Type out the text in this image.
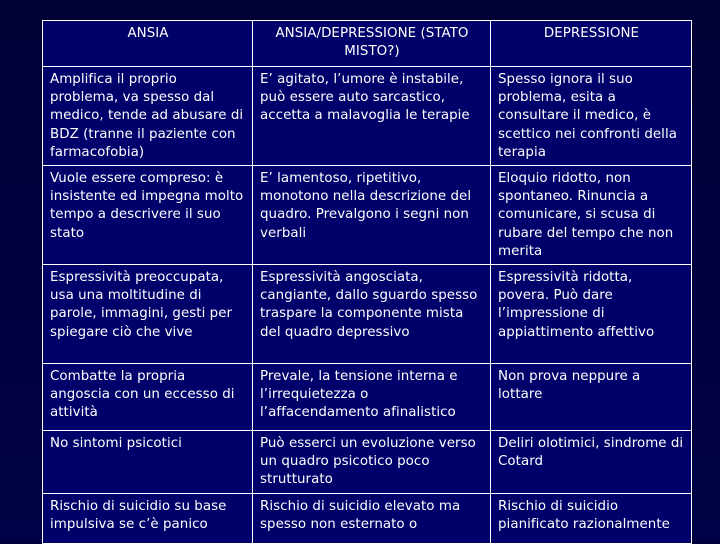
ANSIA	ANSIA/DEPRESSIONE (STATO MISTO?)	DEPRESSIONE
Amplifica il proprio problema, va spesso dal medico, tende ad abusare di BDZ (tranne il paziente con farmacofobia)	E’ agitato, l’umore è instabile, può essere auto sarcastico, accetta a malavoglia le terapie	Spesso ignora il suo problema, esita a consultare il medico, è scettico nei confronti della terapia
Vuole essere compreso: è insistente ed impegna molto tempo a descrivere il suo stato	E’ lamentoso, ripetitivo, monotono nella descrizione del quadro. Prevalgono i segni non verbali	Eloquio ridotto, non spontaneo. Rinuncia a comunicare, si scusa di rubare del tempo che non merita
Espressività preoccupata, usa una moltitudine di parole, immagini, gesti per spiegare ciò che vive	Espressività angosciata, cangiante, dallo sguardo spesso traspare la componente mista del quadro depressivo	Espressività ridotta, povera. Può dare l’impressione di appiattimento affettivo
Combatte la propria angoscia con un eccesso di attività	Prevale, la tensione interna e l’irrequietezza o l’affacendamento afinalistico	Non prova neppure a lottare
No sintomi psicotici	Può esserci un evoluzione verso un quadro psicotico poco strutturato	Deliri olotimici, sindrome di Cotard
Rischio di suicidio su base impulsiva se c’è panico	Rischio di suicidio elevato ma spesso non esternato o	Rischio di suicidio pianificato razionalmente
